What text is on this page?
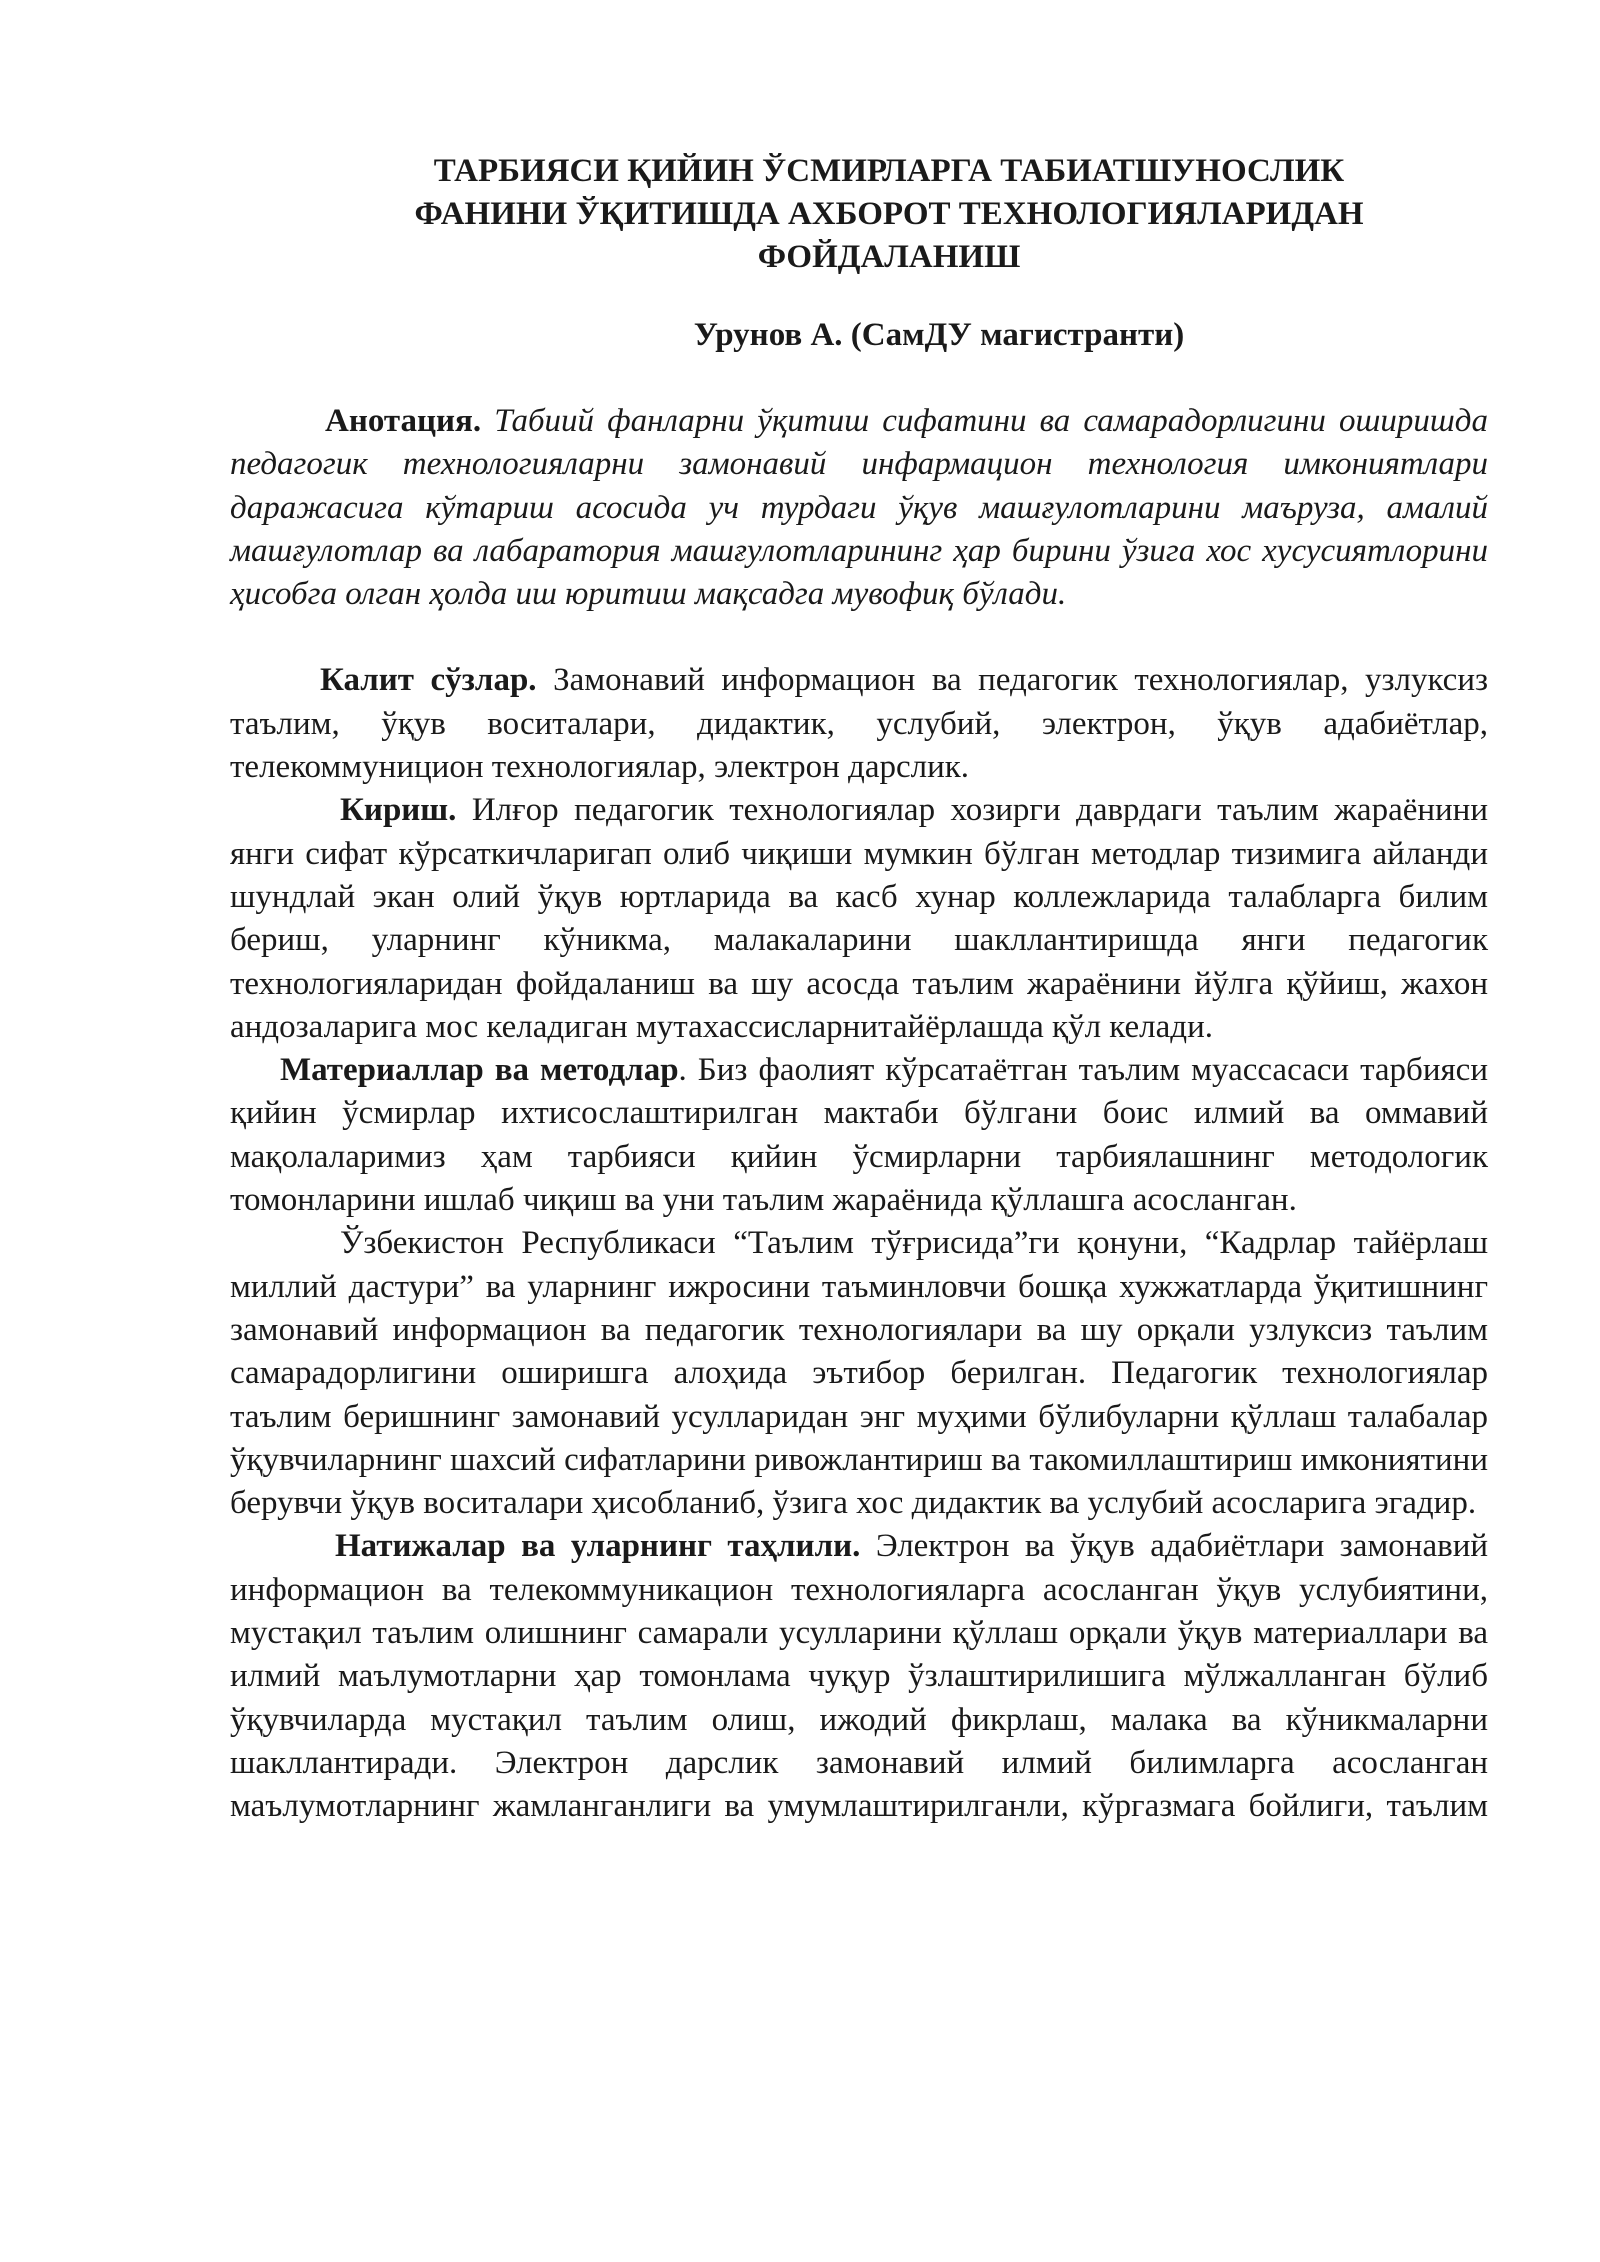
ТАРБИЯСИ ҚИЙИН ЎСМИРЛАРГА ТАБИАТШУНОСЛИК
ФАНИНИ ЎҚИТИШДА АХБОРОТ ТЕХНОЛОГИЯЛАРИДАН
ФОЙДАЛАНИШ
Урунов А. (СамДУ магистранти)

Анотация. Табиий фанларни ўқитиш сифатини ва самарадорлигини оширишда педагогик технологияларни замонавий инфармацион технология имкониятлари даражасига кўтариш асосида уч турдаги ўқув машғулотларини маъруза, амалий машғулотлар ва лабаратория машғулотларининг ҳар бирини ўзига хос хусусиятлорини ҳисобга олган ҳолда иш юритиш мақсадга мувофиқ бўлади.

Калит сўзлар. Замонавий информацион ва педагогик технологиялар, узлуксиз таълим, ўқув воситалари, дидактик, услубий, электрон, ўқув адабиётлар, телекоммуницион технологиялар, электрон дарслик.

Кириш. Илғор педагогик технологиялар хозирги даврдаги таълим жараёнини янги сифат кўрсаткичларигап олиб чиқиши мумкин бўлган методлар тизимига айланди шундлай экан олий ўқув юртларида ва касб хунар коллежларида талабларга билим бериш, уларнинг кўникма, малакаларини шакллантиришда янги педагогик технологияларидан фойдаланиш ва шу асосда таълим жараёнини йўлга қўйиш, жахон андозаларига мос келадиган мутахассисларнитайёрлашда қўл келади.

Материаллар ва методлар. Биз фаолият кўрсатаётган таълим муассасаси тарбияси қийин ўсмирлар ихтисослаштирилган мактаби бўлгани боис илмий ва оммавий мақолаларимиз ҳам тарбияси қийин ўсмирларни тарбиялашнинг методологик томонларини ишлаб чиқиш ва уни таълим жараёнида қўллашга асосланган.

Ўзбекистон Республикаси “Таълим тўғрисида”ги қонуни, “Кадрлар тайёрлаш миллий дастури” ва уларнинг ижросини таъминловчи бошқа хужжатларда ўқитишнинг замонавий информацион ва педагогик технологиялари ва шу орқали узлуксиз таълим самарадорлигини оширишга алоҳида эътибор берилган. Педагогик технологиялар таълим беришнинг замонавий усулларидан энг муҳими бўлибуларни қўллаш талабалар ўқувчиларнинг шахсий сифатларини ривожлантириш ва такомиллаштириш имкониятини берувчи ўқув воситалари ҳисобланиб, ўзига хос дидактик ва услубий асосларига эгадир.

Натижалар ва уларнинг таҳлили. Электрон ва ўқув адабиётлари замонавий информацион ва телекоммуникацион технологияларга асосланган ўқув услубиятини, мустақил таълим олишнинг самарали усулларини қўллаш орқали ўқув материаллари ва илмий маълумотларни ҳар томонлама чуқур ўзлаштирилишига мўлжалланган бўлиб ўқувчиларда мустақил таълим олиш, ижодий фикрлаш, малака ва кўникмаларни шакллантиради. Электрон дарслик замонавий илмий билимларга асосланган маълумотларнинг жамланганлиги ва умумлаштирилганли, кўргазмага бойлиги, таълим
